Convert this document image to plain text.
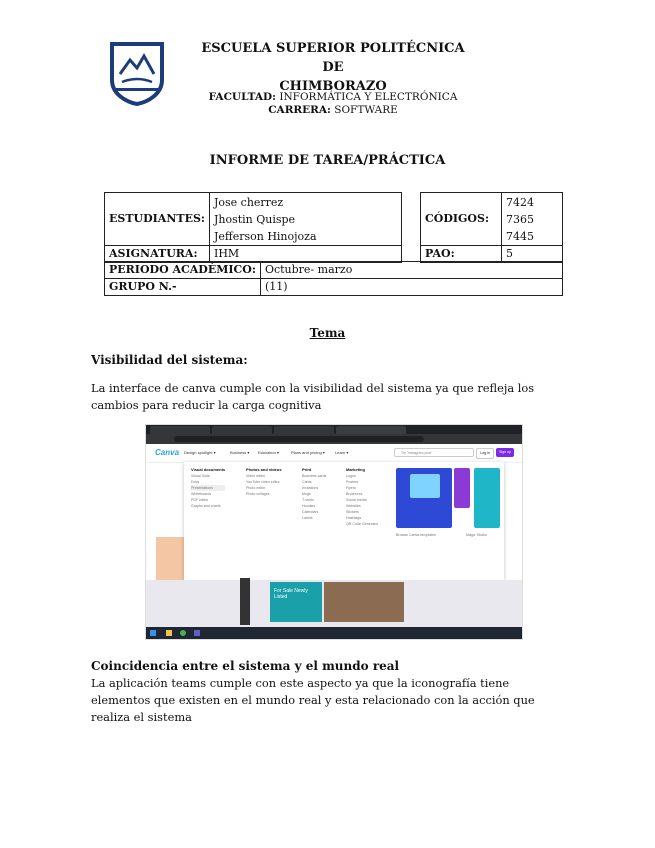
ESCUELA SUPERIOR POLITÉCNICA DE
CHIMBORAZO
FACULTAD: INFORMÁTICA Y ELECTRÓNICA
CARRERA: SOFTWARE
INFORME DE TAREA/PRÁCTICA
ESTUDIANTES:	Jose cherrez
Jhostin Quispe
Jefferson Hinojoza

ASIGNATURA:	IHM
CÓDIGOS:	7424
7365
7445

PAO:	5
PERIODO ACADÉMICO:	Octubre- marzo
GRUPO N.-	(11)
Tema
Visibilidad del sistema:
La interface de canva cumple con la visibilidad del sistema ya que refleja los cambios para reducir la carga cognitiva
Canva Design spotlight ▾	Business ▾ Education ▾	Plans and pricing ▾	Learn ▾	Try "instagram post"	Log in	Sign up
Visual documents
Visual Suite
Docs
Presentations
Whiteboards
PDF editor
Graphs and charts
Photos and videos
Video editor
YouTube video editor
Photo editor
Photo collages
Print
Business cards
Cards
Invitations
Mugs
T-shirts
Hoodies
Calendars
Labels
Marketing
Logos
Posters
Flyers
Brochures
Social media
Websites
Stickers
Hashtags
QR Code Generator
Browse Canva templates	Magic Studio
For Sale Newly Listed
Coincidencia entre el sistema y el mundo real
La aplicación teams cumple con este aspecto ya que la iconografía tiene elementos que existen en el mundo real y esta relacionado con la acción que realiza el sistema
